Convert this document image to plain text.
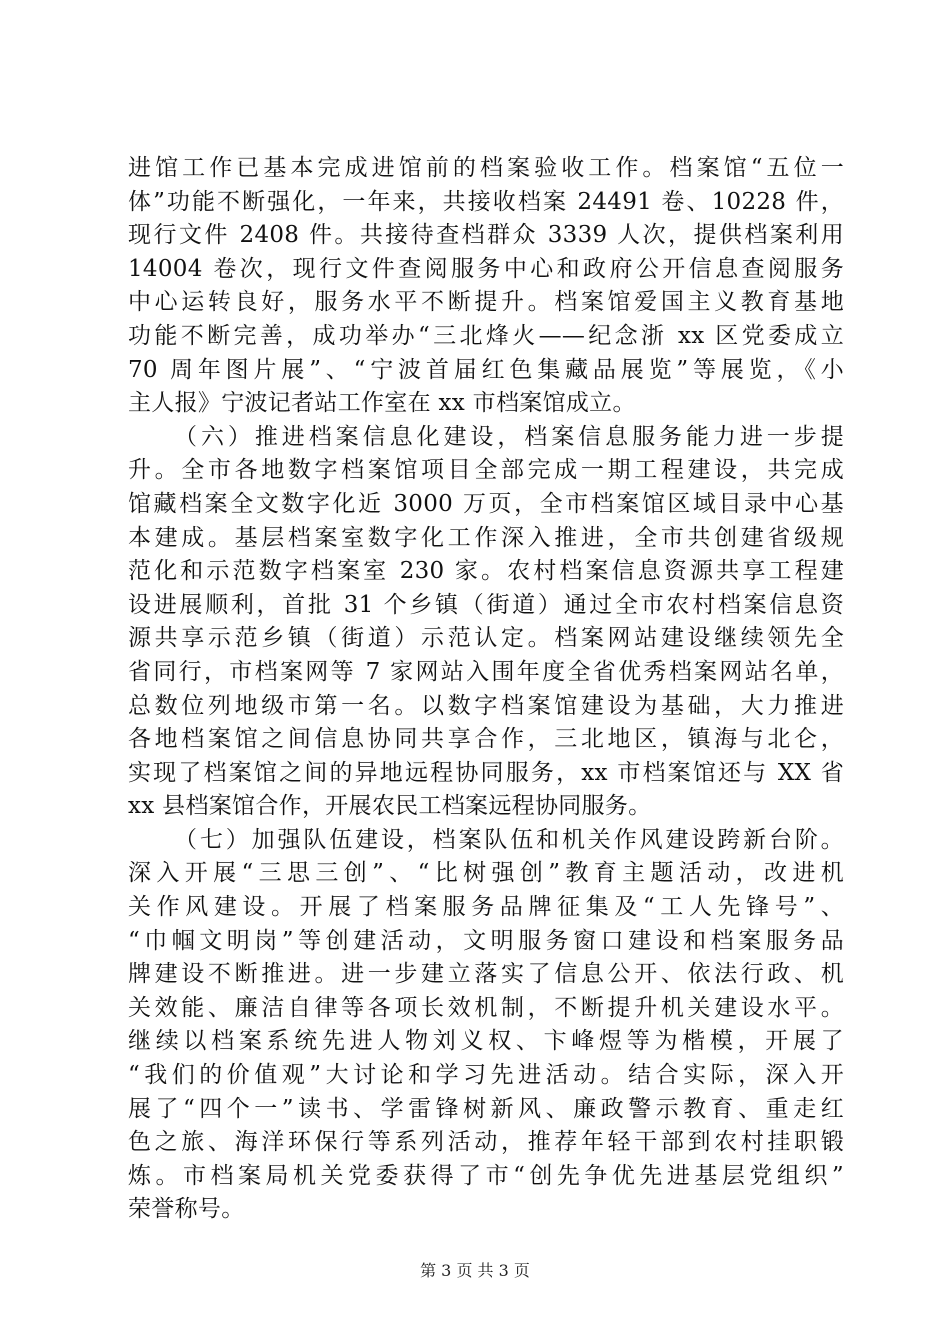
进馆工作已基本完成进馆前的档案验收工作。档案馆“五位一
体”功能不断强化，一年来，共接收档案 24491 卷、10228 件，
现行文件 2408 件。共接待查档群众 3339 人次，提供档案利用
14004 卷次，现行文件查阅服务中心和政府公开信息查阅服务
中心运转良好，服务水平不断提升。档案馆爱国主义教育基地
功能不断完善，成功举办“三北烽火——纪念浙 xx 区党委成立
70 周年图片展”、“宁波首届红色集藏品展览”等展览，《小
主人报》宁波记者站工作室在 xx 市档案馆成立。
（六）推进档案信息化建设，档案信息服务能力进一步提
升。全市各地数字档案馆项目全部完成一期工程建设，共完成
馆藏档案全文数字化近 3000 万页，全市档案馆区域目录中心基
本建成。基层档案室数字化工作深入推进，全市共创建省级规
范化和示范数字档案室 230 家。农村档案信息资源共享工程建
设进展顺利，首批 31 个乡镇（街道）通过全市农村档案信息资
源共享示范乡镇（街道）示范认定。档案网站建设继续领先全
省同行，市档案网等 7 家网站入围年度全省优秀档案网站名单，
总数位列地级市第一名。以数字档案馆建设为基础，大力推进
各地档案馆之间信息协同共享合作，三北地区，镇海与北仑，
实现了档案馆之间的异地远程协同服务，xx 市档案馆还与 XX 省
xx 县档案馆合作，开展农民工档案远程协同服务。
（七）加强队伍建设，档案队伍和机关作风建设跨新台阶。
深入开展“三思三创”、“比树强创”教育主题活动，改进机
关作风建设。开展了档案服务品牌征集及“工人先锋号”、
“巾帼文明岗”等创建活动，文明服务窗口建设和档案服务品
牌建设不断推进。进一步建立落实了信息公开、依法行政、机
关效能、廉洁自律等各项长效机制，不断提升机关建设水平。
继续以档案系统先进人物刘义权、卞峰煜等为楷模，开展了
“我们的价值观”大讨论和学习先进活动。结合实际，深入开
展了“四个一”读书、学雷锋树新风、廉政警示教育、重走红
色之旅、海洋环保行等系列活动，推荐年轻干部到农村挂职锻
炼。市档案局机关党委获得了市“创先争优先进基层党组织”
荣誉称号。
第 3 页 共 3 页
